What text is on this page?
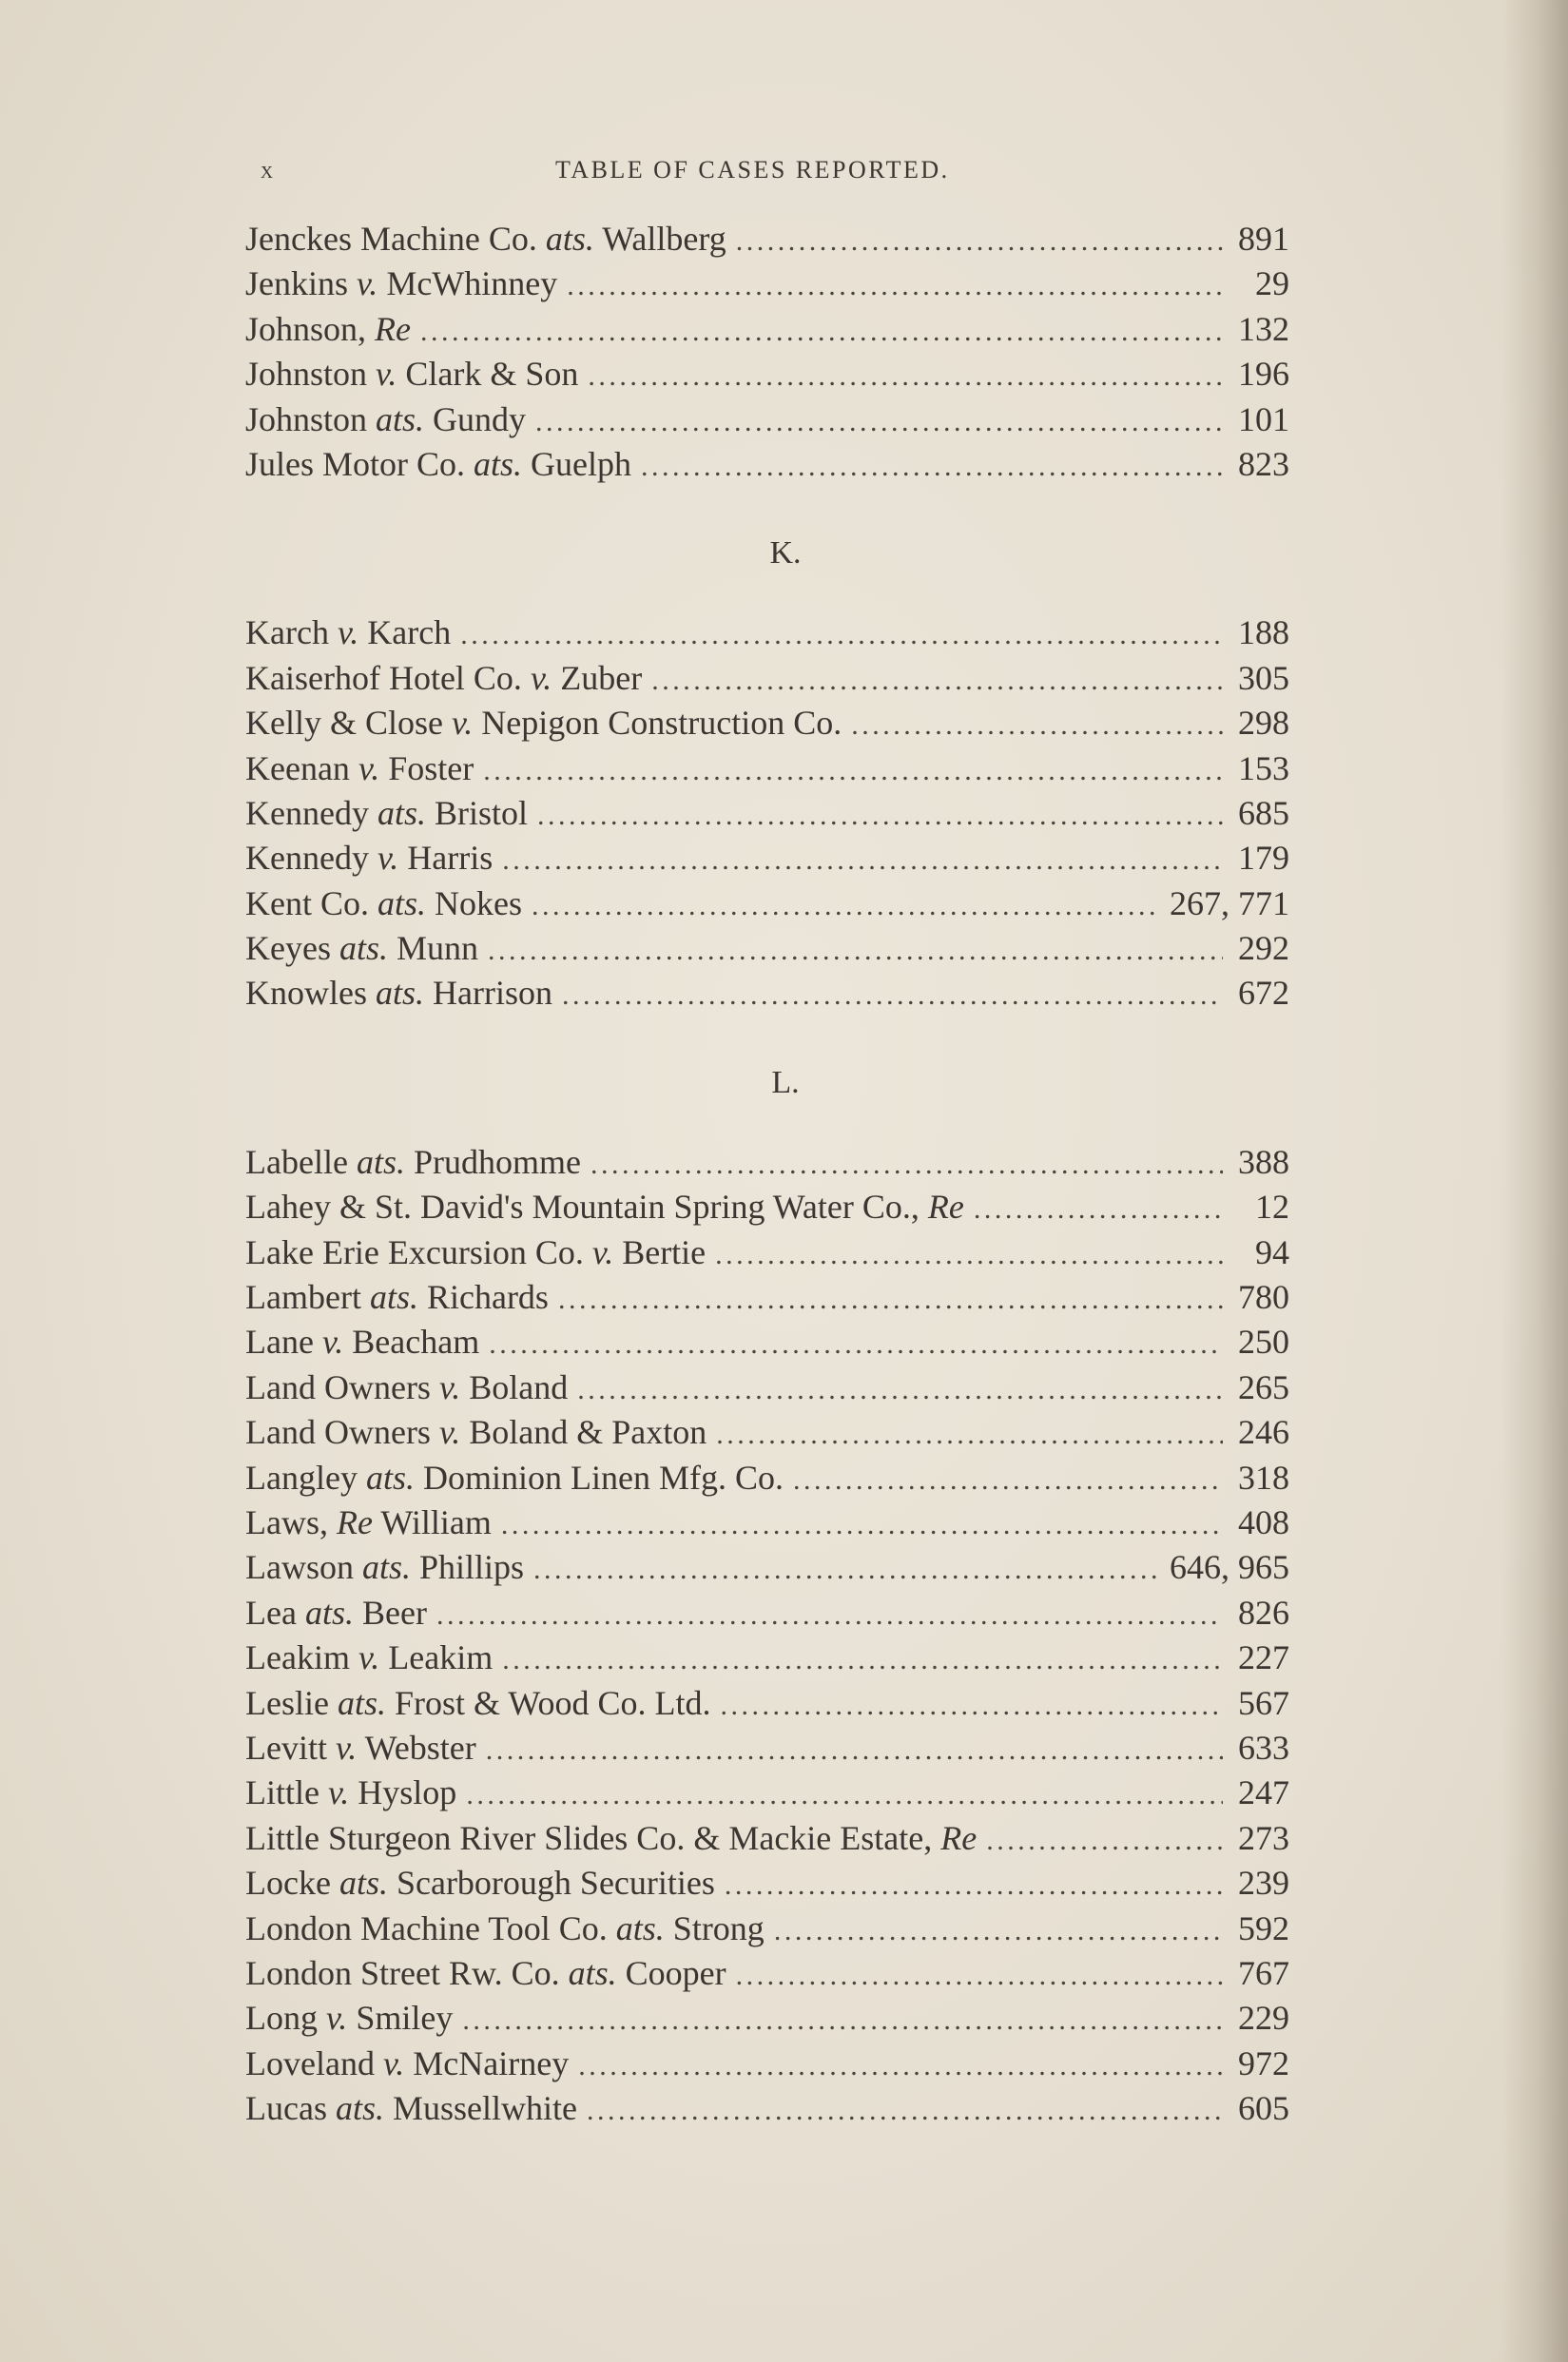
x	TABLE OF CASES REPORTED.
Jenckes Machine Co. ats. Wallberg . . .	891
Jenkins v. McWhinney . . .	29
Johnson, Re . . .	132
Johnston v. Clark & Son . . .	196
Johnston ats. Gundy . . .	101
Jules Motor Co. ats. Guelph . . .	823
K.
Karch v. Karch . . .	188
Kaiserhof Hotel Co. v. Zuber . . .	305
Kelly & Close v. Nepigon Construction Co. . . .	298
Keenan v. Foster . . .	153
Kennedy ats. Bristol . . .	685
Kennedy v. Harris . . .	179
Kent Co. ats. Nokes . . .	267, 771
Keyes ats. Munn . . .	292
Knowles ats. Harrison . . .	672
L.
Labelle ats. Prudhomme . . .	388
Lahey & St. David's Mountain Spring Water Co., Re . . .	12
Lake Erie Excursion Co. v. Bertie . . .	94
Lambert ats. Richards . . .	780
Lane v. Beacham . . .	250
Land Owners v. Boland . . .	265
Land Owners v. Boland & Paxton . . .	246
Langley ats. Dominion Linen Mfg. Co. . . .	318
Laws, Re William . . .	408
Lawson ats. Phillips . . .	646, 965
Lea ats. Beer . . .	826
Leakim v. Leakim . . .	227
Leslie ats. Frost & Wood Co. Ltd. . . .	567
Levitt v. Webster . . .	633
Little v. Hyslop . . .	247
Little Sturgeon River Slides Co. & Mackie Estate, Re . . .	273
Locke ats. Scarborough Securities . . .	239
London Machine Tool Co. ats. Strong . . .	592
London Street Rw. Co. ats. Cooper . . .	767
Long v. Smiley . . .	229
Loveland v. McNairney . . .	972
Lucas ats. Mussellwhite . . .	605
